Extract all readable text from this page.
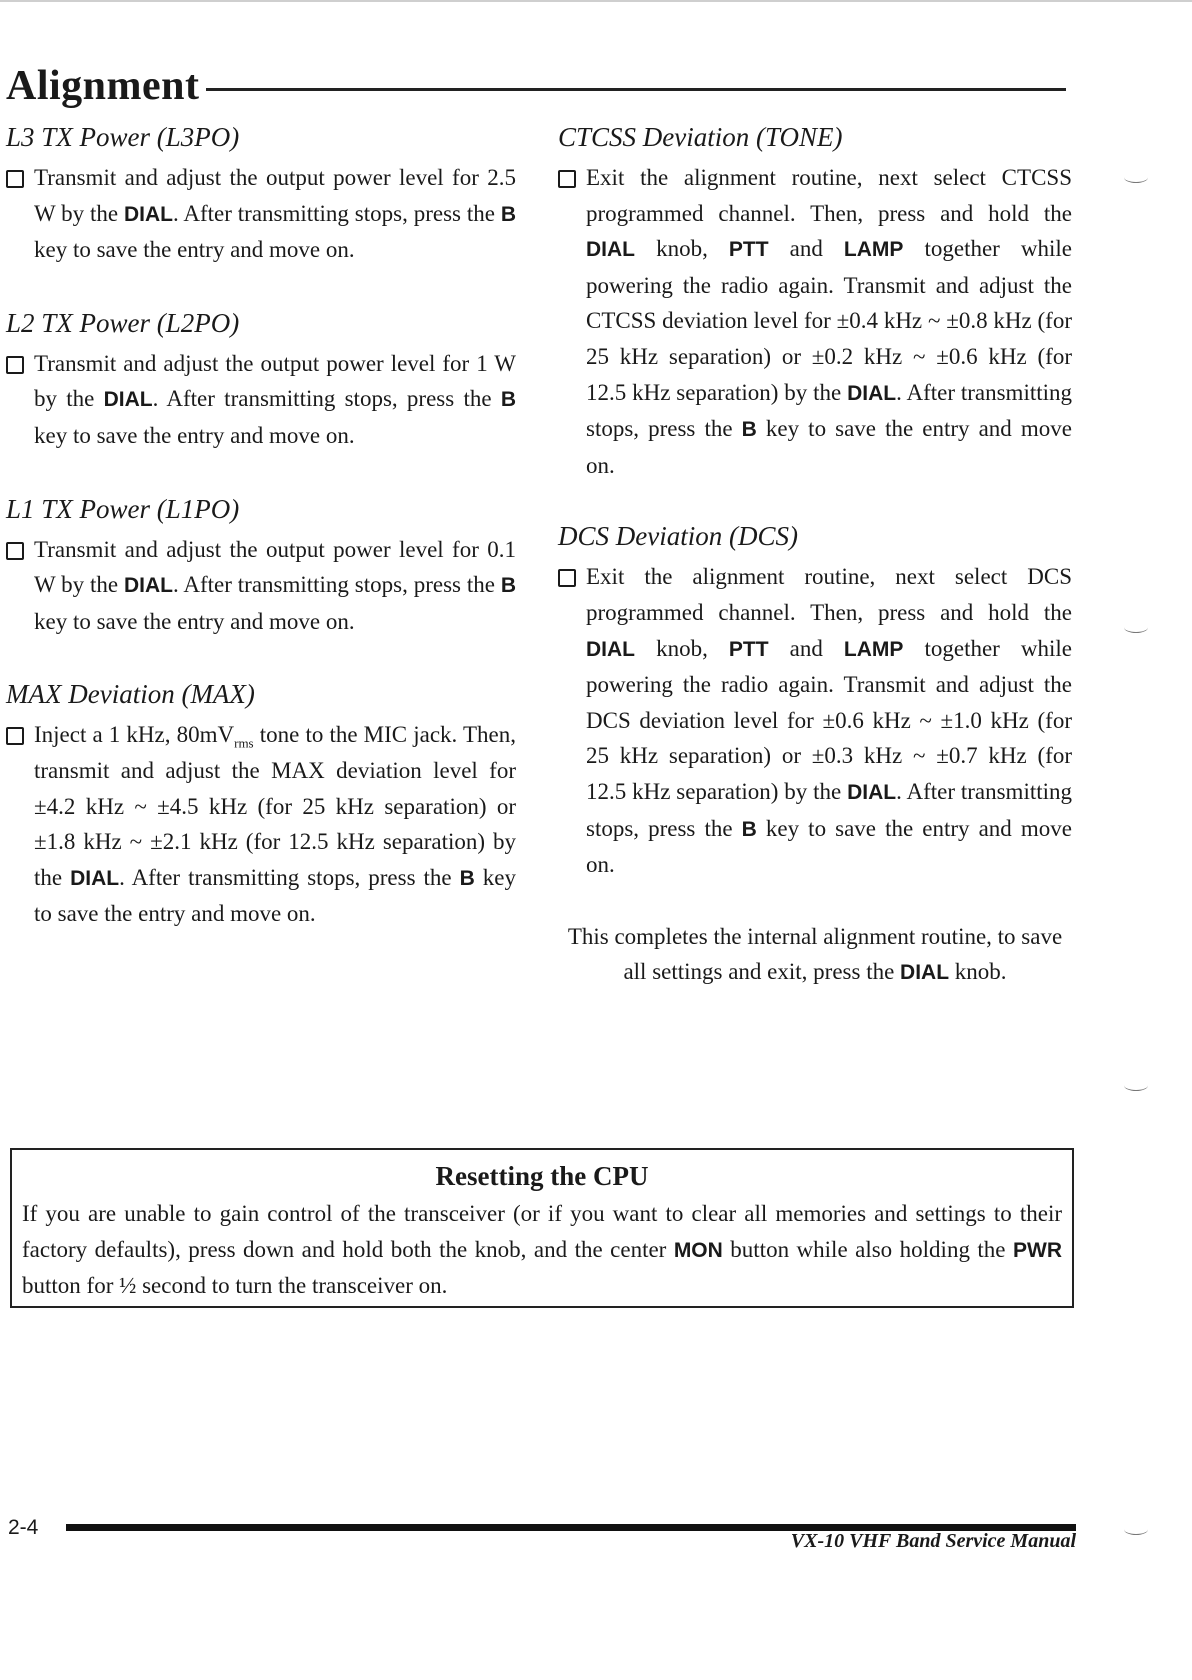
Alignment
L3 TX Power (L3PO)
Transmit and adjust the output power level for 2.5 W by the DIAL. After transmitting stops, press the B key to save the entry and move on.
L2 TX Power (L2PO)
Transmit and adjust the output power level for 1 W by the DIAL. After transmitting stops, press the B key to save the entry and move on.
L1 TX Power (L1PO)
Transmit and adjust the output power level for 0.1 W by the DIAL. After transmitting stops, press the B key to save the entry and move on.
MAX Deviation (MAX)
Inject a 1 kHz, $80mV_{rms}$ tone to the MIC jack. Then, transmit and adjust the MAX deviation level for ±4.2 kHz ~ ±4.5 kHz (for 25 kHz separation) or ±1.8 kHz ~ ±2.1 kHz (for 12.5 kHz separation) by the DIAL. After transmitting stops, press the B key to save the entry and move on.
CTCSS Deviation (TONE)
Exit the alignment routine, next select CTCSS programmed channel. Then, press and hold the DIAL knob, PTT and LAMP together while powering the radio again. Transmit and adjust the CTCSS deviation level for ±0.4 kHz ~ ±0.8 kHz (for 25 kHz separation) or ±0.2 kHz ~ ±0.6 kHz (for 12.5 kHz separation) by the DIAL. After transmitting stops, press the B key to save the entry and move on.
DCS Deviation (DCS)
Exit the alignment routine, next select DCS programmed channel. Then, press and hold the DIAL knob, PTT and LAMP together while powering the radio again. Transmit and adjust the DCS deviation level for ±0.6 kHz ~ ±1.0 kHz (for 25 kHz separation) or ±0.3 kHz ~ ±0.7 kHz (for 12.5 kHz separation) by the DIAL. After transmitting stops, press the B key to save the entry and move on.
This completes the internal alignment routine, to save all settings and exit, press the DIAL knob.
Resetting the CPU
If you are unable to gain control of the transceiver (or if you want to clear all memories and settings to their factory defaults), press down and hold both the knob, and the center MON button while also holding the PWR button for ½ second to turn the transceiver on.
2-4
VX-10 VHF Band Service Manual
